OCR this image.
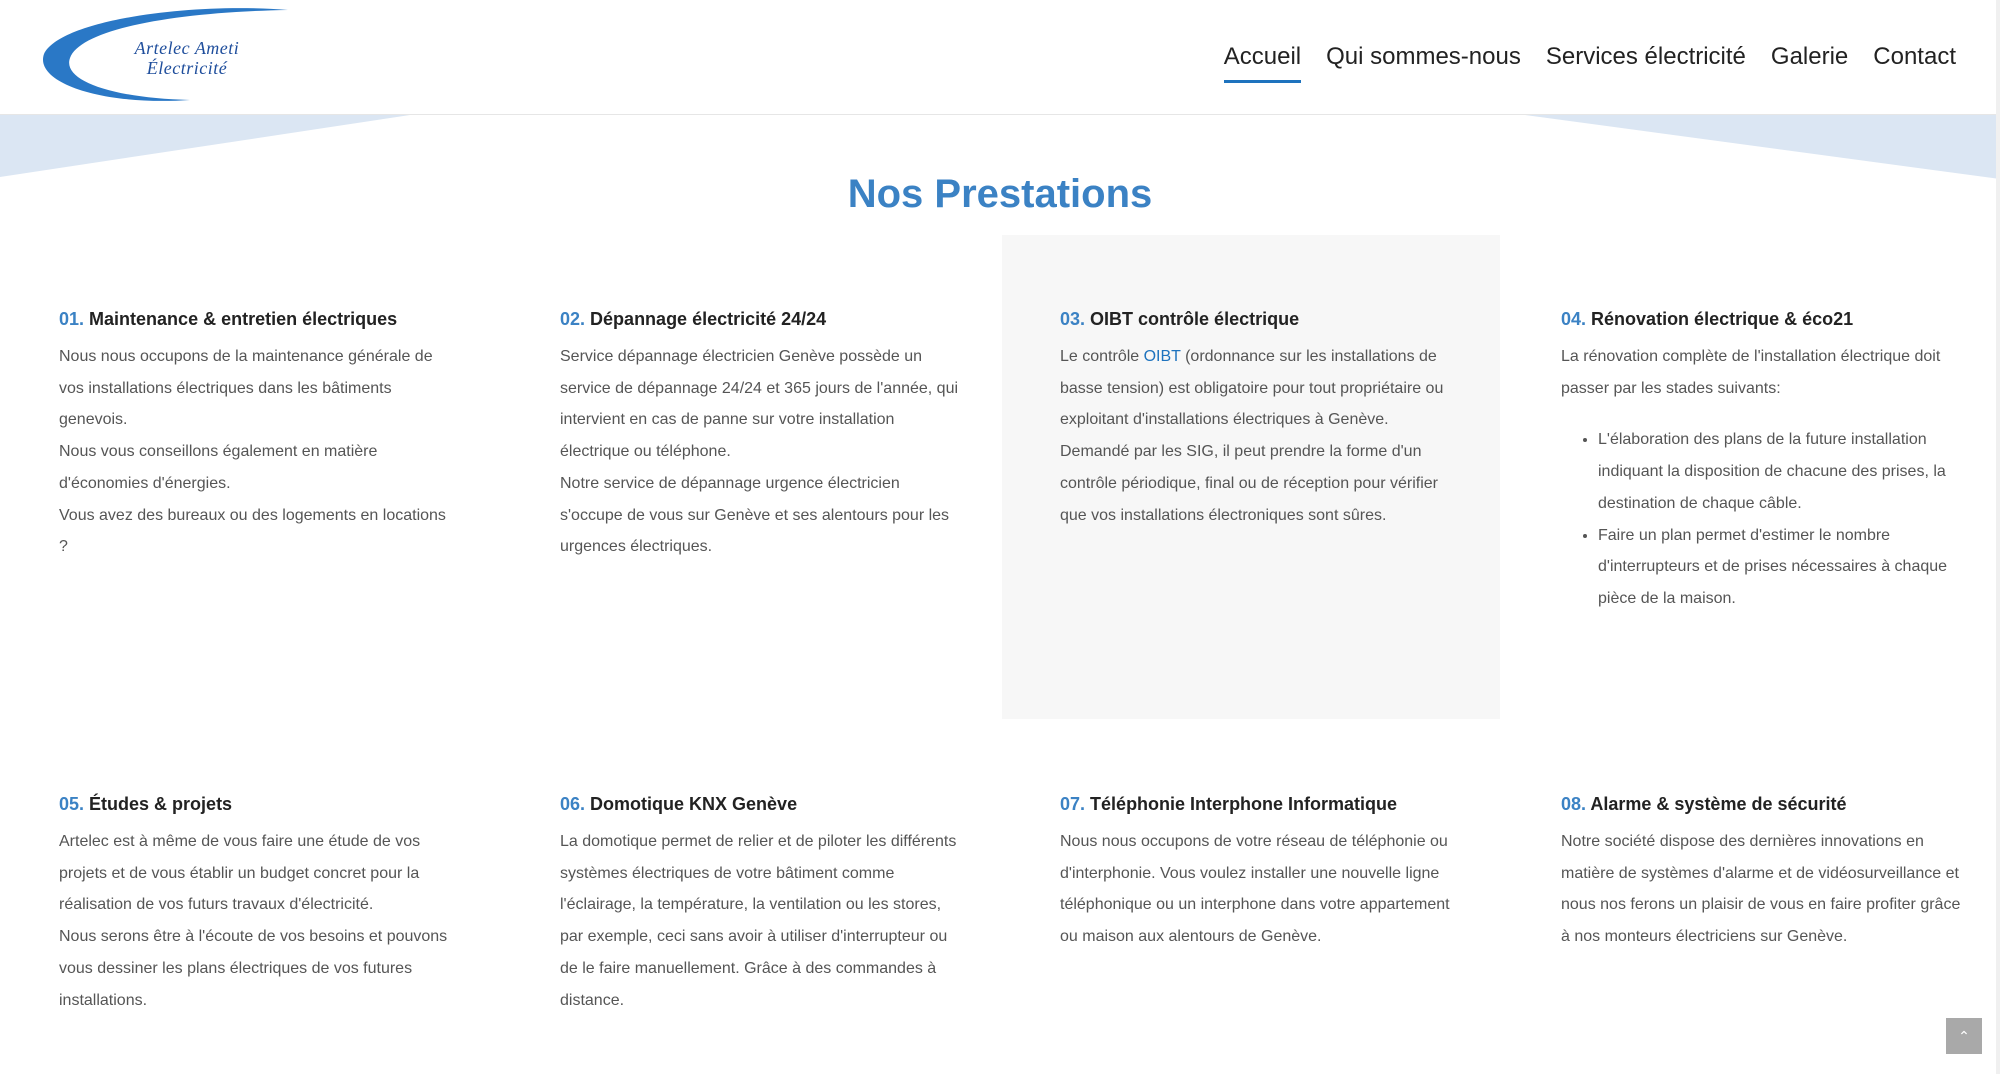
Artelec Ameti
Électricité	Accueil Qui sommes-nous Services électricité Galerie Contact
Nos Prestations
01. Maintenance & entretien électriques

Nous nous occupons de la maintenance générale de vos installations électriques dans les bâtiments genevois.

Nous vous conseillons également en matière d'économies d'énergies.

Vous avez des bureaux ou des logements en locations ?

02. Dépannage électricité 24/24

Service dépannage électricien Genève possède un service de dépannage 24/24 et 365 jours de l'année, qui intervient en cas de panne sur votre installation électrique ou téléphone.

Notre service de dépannage urgence électricien s'occupe de vous sur Genève et ses alentours pour les urgences électriques.

03. OIBT contrôle électrique

Le contrôle OIBT (ordonnance sur les installations de basse tension) est obligatoire pour tout propriétaire ou exploitant d'installations électriques à Genève. Demandé par les SIG, il peut prendre la forme d'un contrôle périodique, final ou de réception pour vérifier que vos installations électroniques sont sûres.

04. Rénovation électrique & éco21

La rénovation complète de l'installation électrique doit passer par les stades suivants:

• L'élaboration des plans de la future installation indiquant la disposition de chacune des prises, la destination de chaque câble.
• Faire un plan permet d'estimer le nombre d'interrupteurs et de prises nécessaires à chaque pièce de la maison.
05. Études & projets

Artelec est à même de vous faire une étude de vos projets et de vous établir un budget concret pour la réalisation de vos futurs travaux d'électricité.

Nous serons être à l'écoute de vos besoins et pouvons vous dessiner les plans électriques de vos futures installations.

06. Domotique KNX Genève

La domotique permet de relier et de piloter les différents systèmes électriques de votre bâtiment comme l'éclairage, la température, la ventilation ou les stores, par exemple, ceci sans avoir à utiliser d'interrupteur ou de le faire manuellement. Grâce à des commandes à distance.

07. Téléphonie Interphone Informatique

Nous nous occupons de votre réseau de téléphonie ou d'interphonie. Vous voulez installer une nouvelle ligne téléphonique ou un interphone dans votre appartement ou maison aux alentours de Genève.

08. Alarme & système de sécurité

Notre société dispose des dernières innovations en matière de systèmes d'alarme et de vidéosurveillance et nous nos ferons un plaisir de vous en faire profiter grâce à nos monteurs électriciens sur Genève.

⌃
